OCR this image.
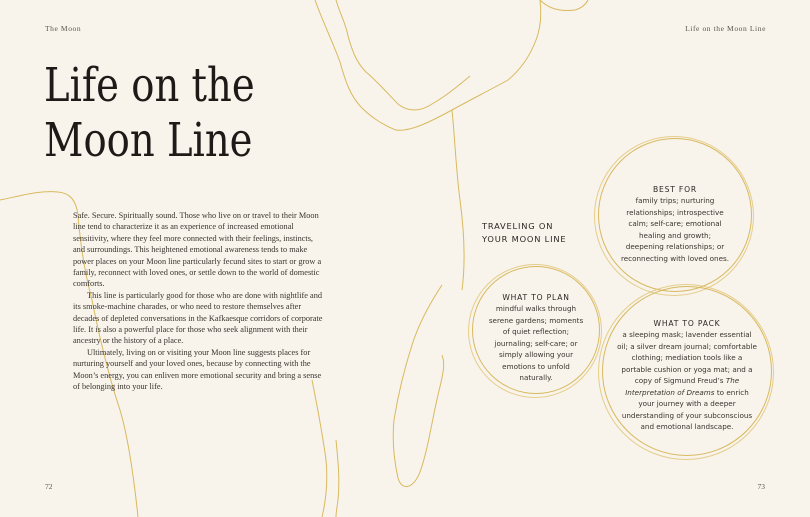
The Moon	Life on the Moon Line
Life on the
Moon Line

Safe. Secure. Spiritually sound. Those who live on or travel to their Moon line tend to characterize it as an experience of increased emotional sensitivity, where they feel more connected with their feelings, instincts, and surroundings. This heightened emotional awareness tends to make power places on your Moon line particularly fecund sites to start or grow a family, reconnect with loved ones, or settle down to the world of domestic comforts.

This line is particularly good for those who are done with nightlife and its smoke-machine charades, or who need to restore themselves after decades of depleted conversations in the Kafkaesque corridors of corporate life. It is also a powerful place for those who seek alignment with their ancestry or the history of a place.

Ultimately, living on or visiting your Moon line suggests places for nurturing yourself and your loved ones, because by connecting with the Moon’s energy, you can enliven more emotional security and bring a sense of belonging into your life.

TRAVELING ON
YOUR MOON LINE
BEST FOR
family trips; nurturing relationships; introspective calm; self-care; emotional healing and growth; deepening relationships; or reconnecting with loved ones.
WHAT TO PLAN
mindful walks through serene gardens; moments of quiet reflection; journaling; self-care; or simply allowing your emotions to unfold naturally.
WHAT TO PACK
a sleeping mask; lavender essential oil; a silver dream journal; comfortable clothing; mediation tools like a portable cushion or yoga mat; and a copy of Sigmund Freud’s The Interpretation of Dreams to enrich your journey with a deeper understanding of your subconscious and emotional landscape.
72	73
